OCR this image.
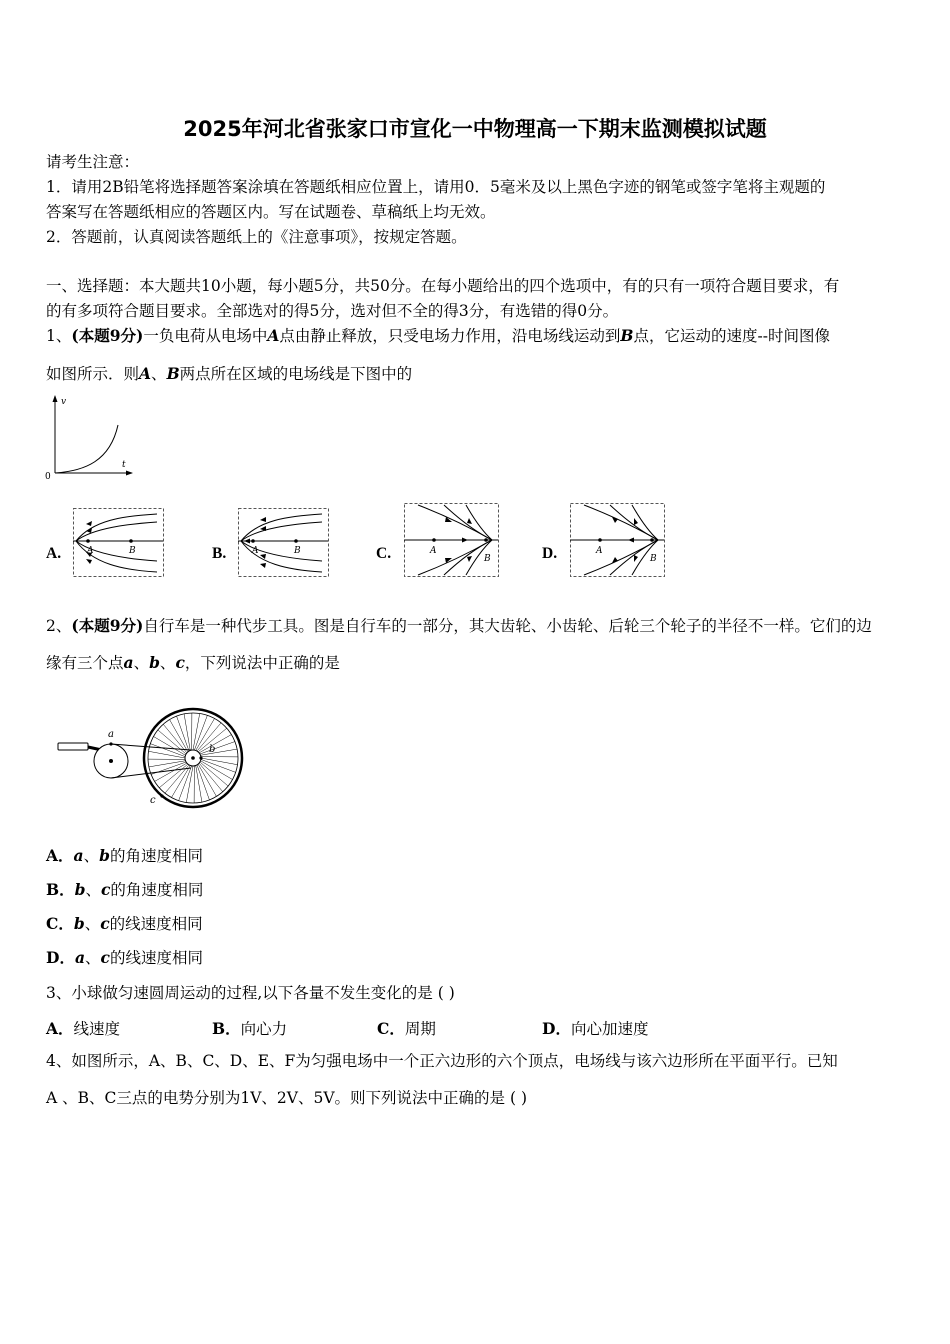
2025年河北省张家口市宣化一中物理高一下期末监测模拟试题
请考生注意：
1．请用2B铅笔将选择题答案涂填在答题纸相应位置上，请用0．5毫米及以上黑色字迹的钢笔或签字笔将主观题的
答案写在答题纸相应的答题区内。写在试题卷、草稿纸上均无效。
2．答题前，认真阅读答题纸上的《注意事项》，按规定答题。
一、选择题：本大题共10小题，每小题5分，共50分。在每小题给出的四个选项中，有的只有一项符合题目要求，有
的有多项符合题目要求。全部选对的得5分，选对但不全的得3分，有选错的得0分。
1、(本题9分)一负电荷从电场中A点由静止释放，只受电场力作用，沿电场线运动到B点，它运动的速度--时间图像
如图所示．则A、B两点所在区域的电场线是下图中的
v
t
0
A.	B.	C.	D.
A	B	A	B	A
B
A
B
2、(本题9分)自行车是一种代步工具。图是自行车的一部分，其大齿轮、小齿轮、后轮三个轮子的半径不一样。它们的边
缘有三个点a、b、c，下列说法中正确的是
a
b
c
A．a、b的角速度相同
B．b、c的角速度相同
C．b、c的线速度相同
D．a、c的线速度相同
3、小球做匀速圆周运动的过程,以下各量不发生变化的是 ( )
A．线速度	B．向心力	C．周期	D．向心加速度
4、如图所示，A、B、C、D、E、F为匀强电场中一个正六边形的六个顶点，电场线与该六边形所在平面平行。已知
A 、B、C三点的电势分别为1V、2V、5V。则下列说法中正确的是 ( )
